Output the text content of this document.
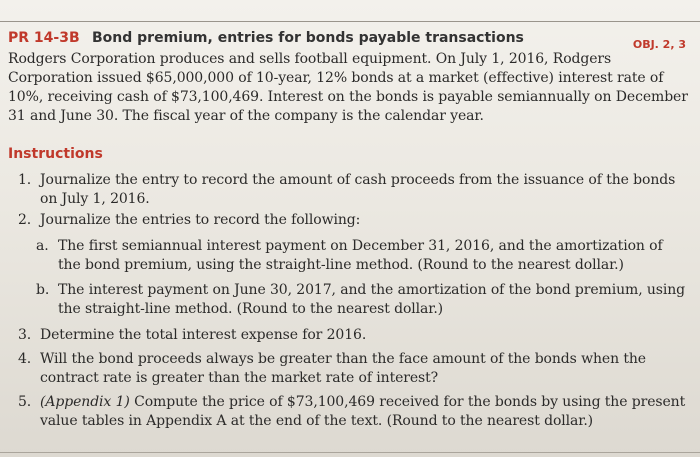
PR 14-3B Bond premium, entries for bonds payable transactions	OBJ. 2, 3
Rodgers Corporation produces and sells football equipment. On July 1, 2016, Rodgers Corporation issued $65,000,000 of 10-year, 12% bonds at a market (effective) interest rate of 10%, receiving cash of $73,100,469. Interest on the bonds is payable semiannually on December 31 and June 30. The fiscal year of the company is the calendar year.
Instructions
1. Journalize the entry to record the amount of cash proceeds from the issuance of the bonds on July 1, 2016.
2. Journalize the entries to record the following:
a. The first semiannual interest payment on December 31, 2016, and the amortization of the bond premium, using the straight-line method. (Round to the nearest dollar.)
b. The interest payment on June 30, 2017, and the amortization of the bond premium, using the straight-line method. (Round to the nearest dollar.)
3. Determine the total interest expense for 2016.
4. Will the bond proceeds always be greater than the face amount of the bonds when the contract rate is greater than the market rate of interest?
5. (Appendix 1) Compute the price of $73,100,469 received for the bonds by using the present value tables in Appendix A at the end of the text. (Round to the nearest dollar.)
